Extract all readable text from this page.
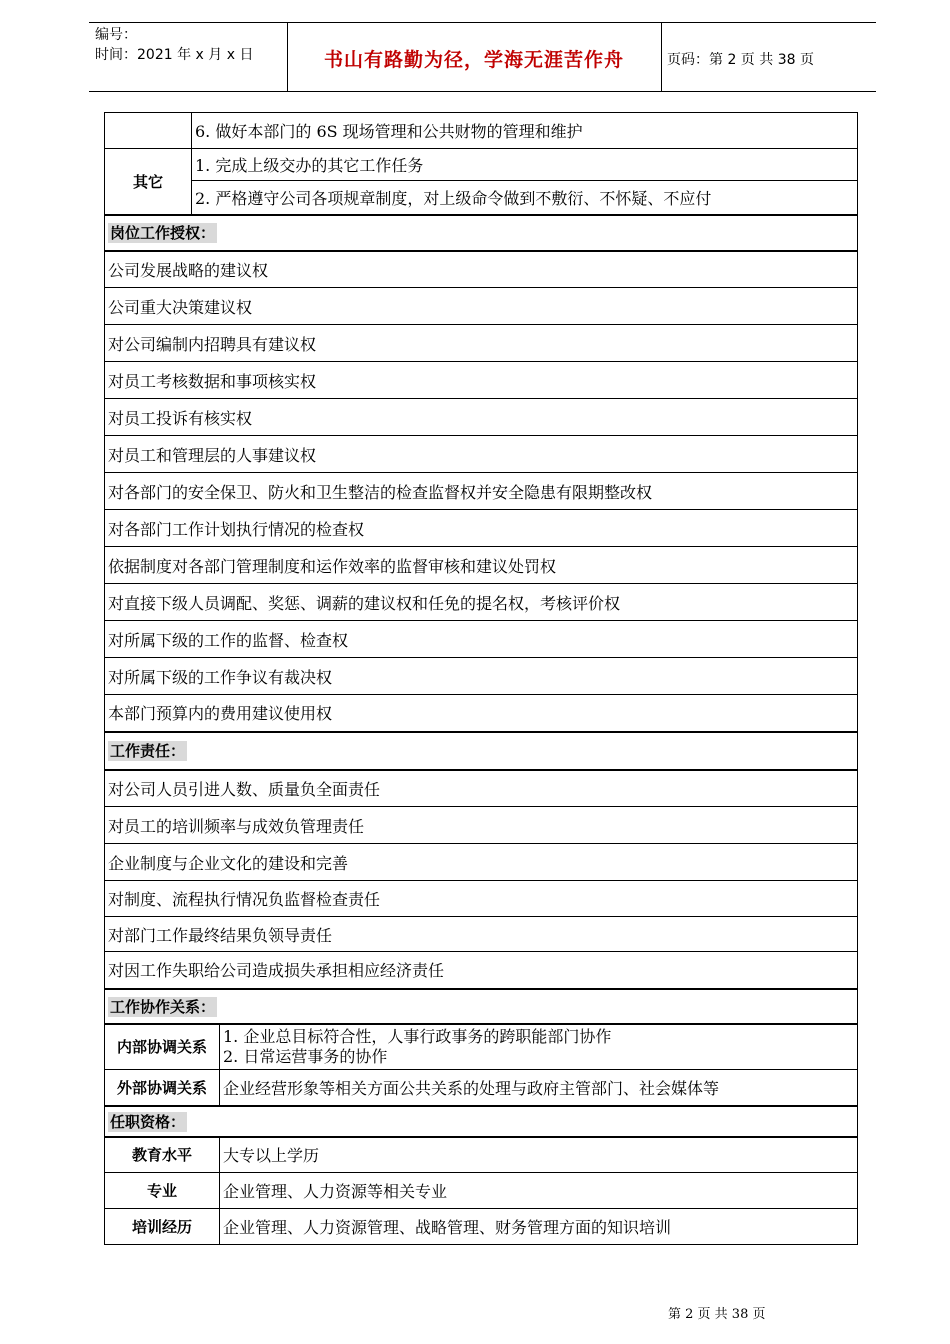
编号：
时间：2021 年 x 月 x 日	书山有路勤为径，学海无涯苦作舟	页码：第 2 页 共 38 页
	6. 做好本部门的 6S 现场管理和公共财物的管理和维护	
其它	1. 完成上级交办的其它工作任务	
	2. 严格遵守公司各项规章制度，对上级命令做到不敷衍、不怀疑、不应付	
岗位工作授权：		
公司发展战略的建议权		
公司重大决策建议权		
对公司编制内招聘具有建议权		
对员工考核数据和事项核实权		
对员工投诉有核实权		
对员工和管理层的人事建议权		
对各部门的安全保卫、防火和卫生整洁的检查监督权并安全隐患有限期整改权		
对各部门工作计划执行情况的检查权		
依据制度对各部门管理制度和运作效率的监督审核和建议处罚权		
对直接下级人员调配、奖惩、调薪的建议权和任免的提名权，考核评价权		
对所属下级的工作的监督、检查权		
对所属下级的工作争议有裁决权		
本部门预算内的费用建议使用权		
工作责任：		
对公司人员引进人数、质量负全面责任		
对员工的培训频率与成效负管理责任		
企业制度与企业文化的建设和完善		
对制度、流程执行情况负监督检查责任		
对部门工作最终结果负领导责任		
对因工作失职给公司造成损失承担相应经济责任		
工作协作关系：		
内部协调关系		1. 企业总目标符合性，人事行政事务的跨职能部门协作
2. 日常运营事务的协作

外部协调关系		企业经营形象等相关方面公共关系的处理与政府主管部门、社会媒体等
任职资格：		
教育水平		大专以上学历
专业		企业管理、人力资源等相关专业
培训经历		企业管理、人力资源管理、战略管理、财务管理方面的知识培训
第 2 页 共 38 页
